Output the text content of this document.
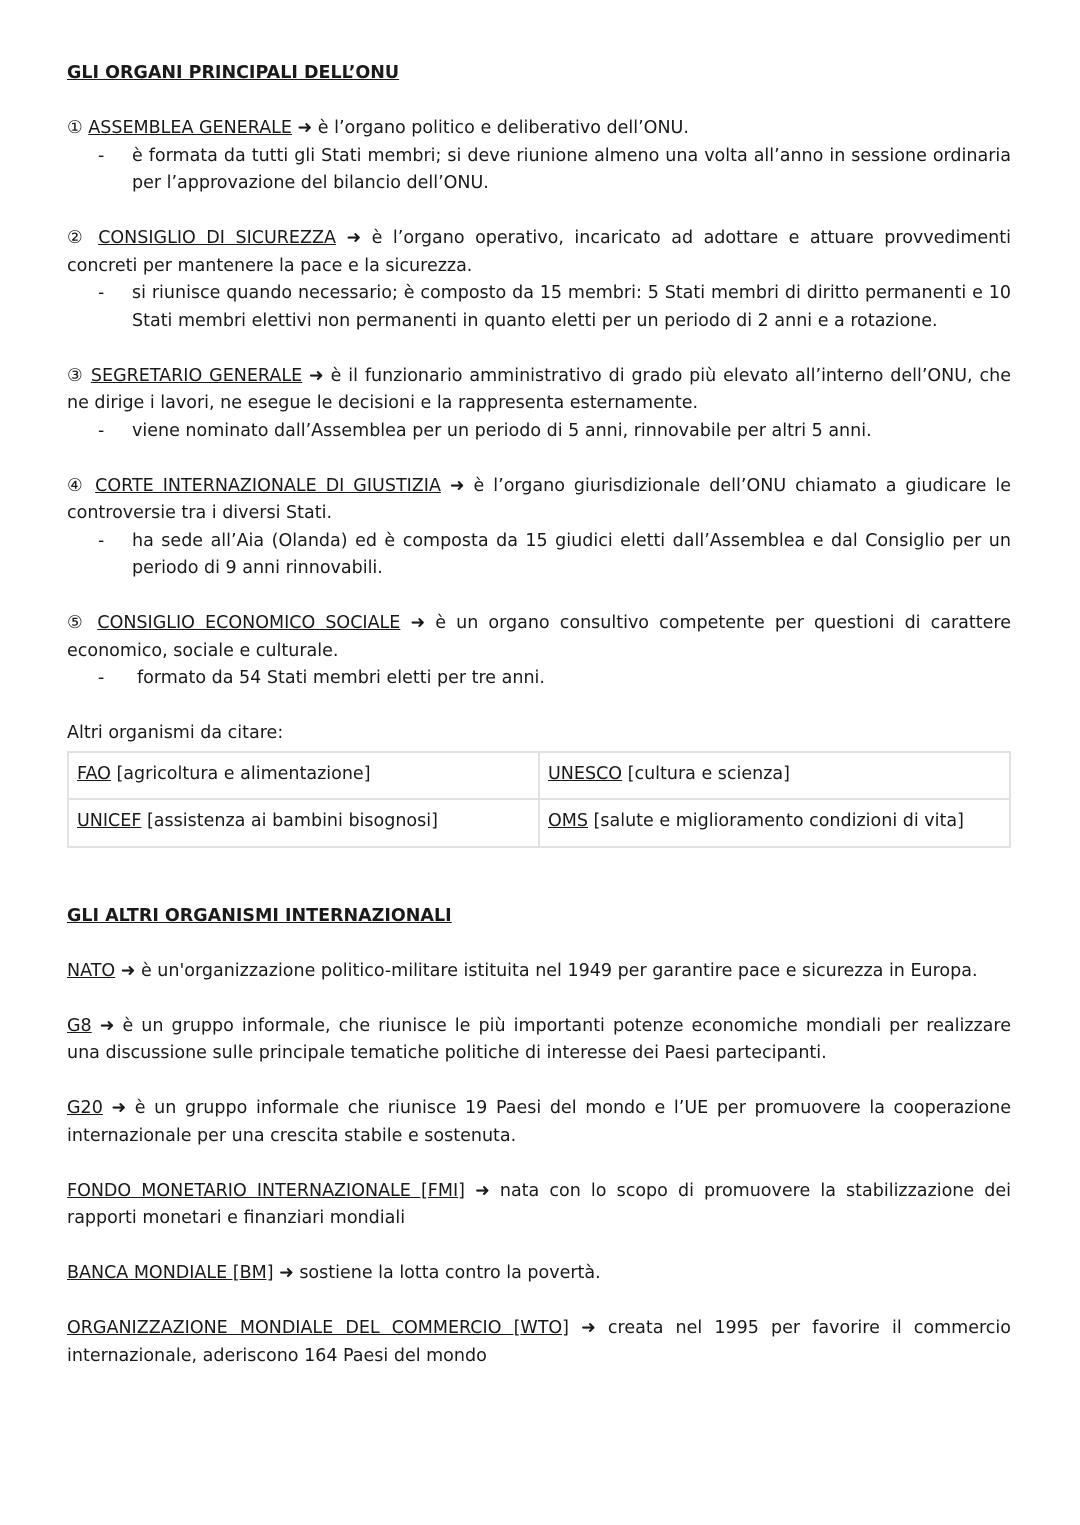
GLI ORGANI PRINCIPALI DELL’ONU

① ASSEMBLEA GENERALE ➜ è l’organo politico e deliberativo dell’ONU.

- è formata da tutti gli Stati membri; si deve riunione almeno una volta all’anno in sessione ordinaria per l’approvazione del bilancio dell’ONU.

② CONSIGLIO DI SICUREZZA ➜ è l’organo operativo, incaricato ad adottare e attuare provvedimenti concreti per mantenere la pace e la sicurezza.

- si riunisce quando necessario; è composto da 15 membri: 5 Stati membri di diritto permanenti e 10 Stati membri elettivi non permanenti in quanto eletti per un periodo di 2 anni e a rotazione.

③ SEGRETARIO GENERALE ➜ è il funzionario amministrativo di grado più elevato all’interno dell’ONU, che ne dirige i lavori, ne esegue le decisioni e la rappresenta esternamente.

- viene nominato dall’Assemblea per un periodo di 5 anni, rinnovabile per altri 5 anni.

④ CORTE INTERNAZIONALE DI GIUSTIZIA ➜ è l’organo giurisdizionale dell’ONU chiamato a giudicare le controversie tra i diversi Stati.

- ha sede all’Aia (Olanda) ed è composta da 15 giudici eletti dall’Assemblea e dal Consiglio per un periodo di 9 anni rinnovabili.

⑤ CONSIGLIO ECONOMICO SOCIALE ➜ è un organo consultivo competente per questioni di carattere economico, sociale e culturale.

- formato da 54 Stati membri eletti per tre anni.

Altri organismi da citare:

FAO [agricoltura e alimentazione]	UNESCO [cultura e scienza]
UNICEF [assistenza ai bambini bisognosi]	OMS [salute e miglioramento condizioni di vita]

GLI ALTRI ORGANISMI INTERNAZIONALI

NATO ➜ è un'organizzazione politico-militare istituita nel 1949 per garantire pace e sicurezza in Europa.

G8 ➜ è un gruppo informale, che riunisce le più importanti potenze economiche mondiali per realizzare una discussione sulle principale tematiche politiche di interesse dei Paesi partecipanti.

G20 ➜ è un gruppo informale che riunisce 19 Paesi del mondo e l’UE per promuovere la cooperazione internazionale per una crescita stabile e sostenuta.

FONDO MONETARIO INTERNAZIONALE [FMI] ➜ nata con lo scopo di promuovere la stabilizzazione dei rapporti monetari e finanziari mondiali

BANCA MONDIALE [BM] ➜ sostiene la lotta contro la povertà.

ORGANIZZAZIONE MONDIALE DEL COMMERCIO [WTO] ➜ creata nel 1995 per favorire il commercio internazionale, aderiscono 164 Paesi del mondo
